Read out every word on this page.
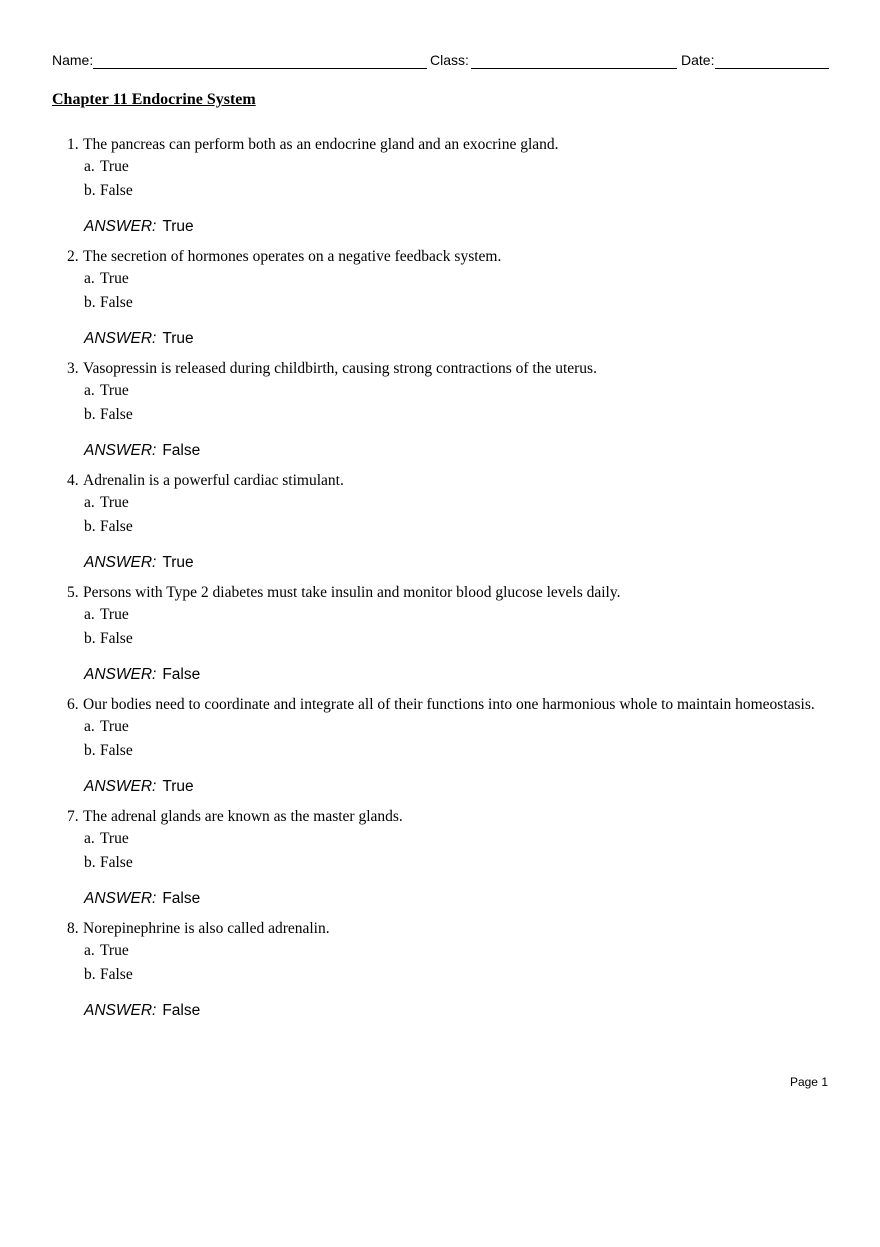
Name:	Class:	Date:
Chapter 11 Endocrine System
1. The pancreas can perform both as an endocrine gland and an exocrine gland.
a. True
b. False
ANSWER: True
2. The secretion of hormones operates on a negative feedback system.
a. True
b. False
ANSWER: True
3. Vasopressin is released during childbirth, causing strong contractions of the uterus.
a. True
b. False
ANSWER: False
4. Adrenalin is a powerful cardiac stimulant.
a. True
b. False
ANSWER: True
5. Persons with Type 2 diabetes must take insulin and monitor blood glucose levels daily.
a. True
b. False
ANSWER: False
6. Our bodies need to coordinate and integrate all of their functions into one harmonious whole to maintain homeostasis.
a. True
b. False
ANSWER: True
7. The adrenal glands are known as the master glands.
a. True
b. False
ANSWER: False
8. Norepinephrine is also called adrenalin.
a. True
b. False
ANSWER: False
Page 1
